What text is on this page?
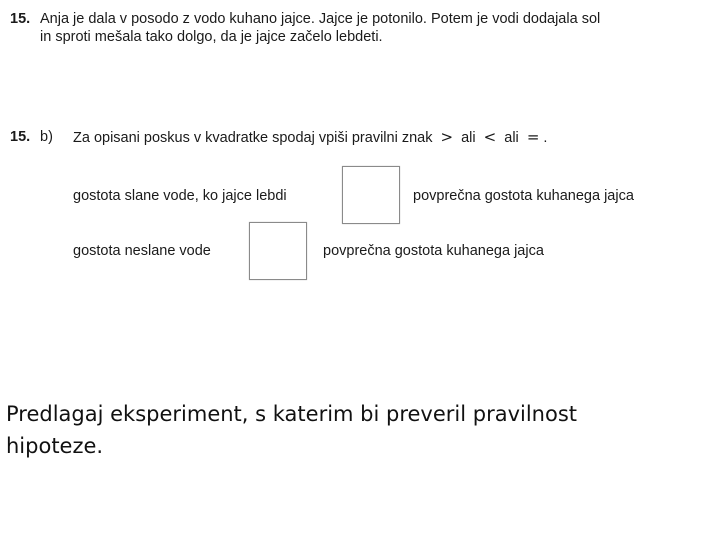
15. Anja je dala v posodo z vodo kuhano jajce. Jajce je potonilo. Potem je vodi dodajala sol
in sproti mešala tako dolgo, da je jajce začelo lebdeti.
15. b) Za opisani poskus v kvadratke spodaj vpiši pravilni znak > ali < ali = .
gostota slane vode, ko jajce lebdi	povprečna gostota kuhanega jajca
gostota neslane vode	povprečna gostota kuhanega jajca
Predlagaj eksperiment, s katerim bi preveril pravilnost
hipoteze.
